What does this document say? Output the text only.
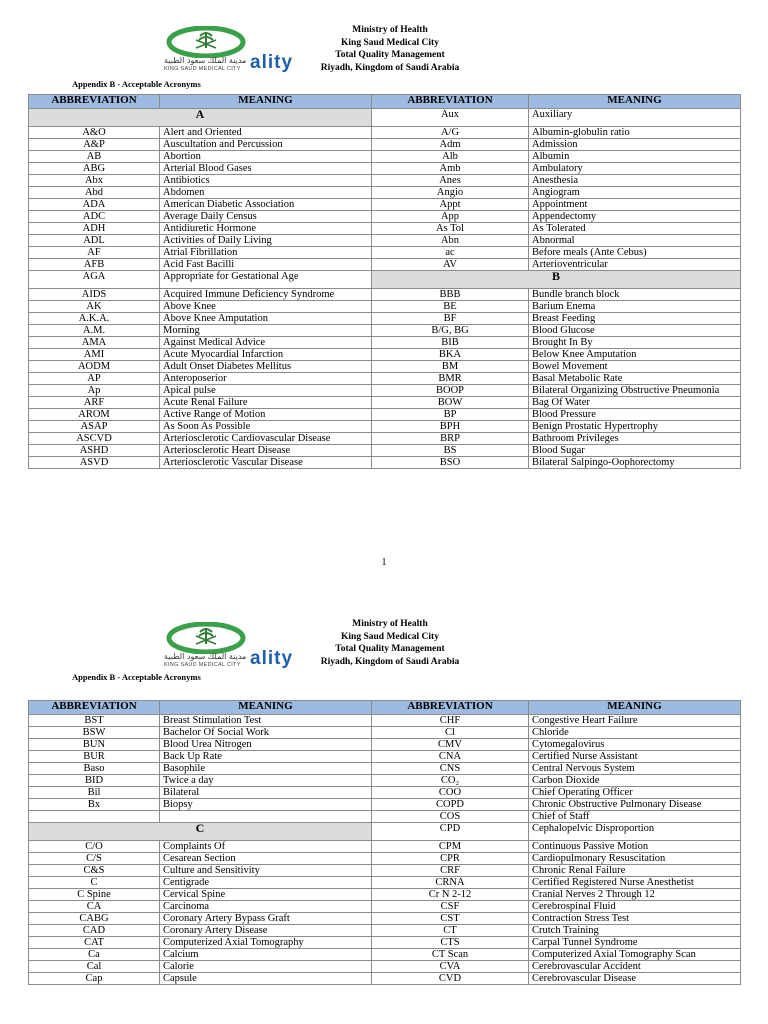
ality
مدينة الملك سعود الطبية
KING SAUD MEDICAL CITY
Ministry of Health
King Saud Medical City
Total Quality Management
Riyadh, Kingdom of Saudi Arabia
Appendix B - Acceptable Acronyms
ABBREVIATION	MEANING	ABBREVIATION	MEANING
A		Aux	Auxiliary
A&O	Alert and Oriented	A/G	Albumin-globulin ratio
A&P	Auscultation and Percussion	Adm	Admission
AB	Abortion	Alb	Albumin
ABG	Arterial Blood Gases	Amb	Ambulatory
Abx	Antibiotics	Anes	Anesthesia
Abd	Abdomen	Angio	Angiogram
ADA	American Diabetic Association	Appt	Appointment
ADC	Average Daily Census	App	Appendectomy
ADH	Antidiuretic Hormone	As Tol	As Tolerated
ADL	Activities of Daily Living	Abn	Abnormal
AF	Atrial Fibrillation	ac	Before meals (Ante Cebus)
AFB	Acid Fast Bacilli	AV	Arterioventricular
AGA	Appropriate for Gestational Age	B	
AIDS	Acquired Immune Deficiency Syndrome	BBB	Bundle branch block
AK	Above Knee	BE	Barium Enema
A.K.A.	Above Knee Amputation	BF	Breast Feeding
A.M.	Morning	B/G, BG	Blood Glucose
AMA	Against Medical Advice	BIB	Brought In By
AMI	Acute Myocardial Infarction	BKA	Below Knee Amputation
AODM	Adult Onset Diabetes Mellitus	BM	Bowel Movement
AP	Anteroposerior	BMR	Basal Metabolic Rate
Ap	Apical pulse	BOOP	Bilateral Organizing Obstructive Pneumonia
ARF	Acute Renal Failure	BOW	Bag Of Water
AROM	Active Range of Motion	BP	Blood Pressure
ASAP	As Soon As Possible	BPH	Benign Prostatic Hypertrophy
ASCVD	Arteriosclerotic Cardiovascular Disease	BRP	Bathroom Privileges
ASHD	Arteriosclerotic Heart Disease	BS	Blood Sugar
ASVD	Arteriosclerotic Vascular Disease	BSO	Bilateral Salpingo-Oophorectomy
1
ality
مدينة الملك سعود الطبية
KING SAUD MEDICAL CITY
Ministry of Health
King Saud Medical City
Total Quality Management
Riyadh, Kingdom of Saudi Arabia
Appendix B - Acceptable Acronyms
ABBREVIATION	MEANING	ABBREVIATION	MEANING
BST	Breast Stimulation Test	CHF	Congestive Heart Failure
BSW	Bachelor Of Social Work	Cl	Chloride
BUN	Blood Urea Nitrogen	CMV	Cytomegalovirus
BUR	Back Up Rate	CNA	Certified Nurse Assistant
Baso	Basophile	CNS	Central Nervous System
BID	Twice a day	CO₂	Carbon Dioxide
Bil	Bilateral	COO	Chief Operating Officer
Bx	Biopsy	COPD	Chronic Obstructive Pulmonary Disease
		COS	Chief of Staff
C		CPD	Cephalopelvic Disproportion
C/O	Complaints Of	CPM	Continuous Passive Motion
C/S	Cesarean Section	CPR	Cardiopulmonary Resuscitation
C&S	Culture and Sensitivity	CRF	Chronic Renal Failure
C	Centigrade	CRNA	Certified Registered Nurse Anesthetist
C Spine	Cervical Spine	Cr N 2-12	Cranial Nerves 2 Through 12
CA	Carcinoma	CSF	Cerebrospinal Fluid
CABG	Coronary Artery Bypass Graft	CST	Contraction Stress Test
CAD	Coronary Artery Disease	CT	Crutch Training
CAT	Computerized Axial Tomography	CTS	Carpal Tunnel Syndrome
Ca	Calcium	CT Scan	Computerized Axial Tomography Scan
Cal	Calorie	CVA	Cerebrovascular Accident
Cap	Capsule	CVD	Cerebrovascular Disease
